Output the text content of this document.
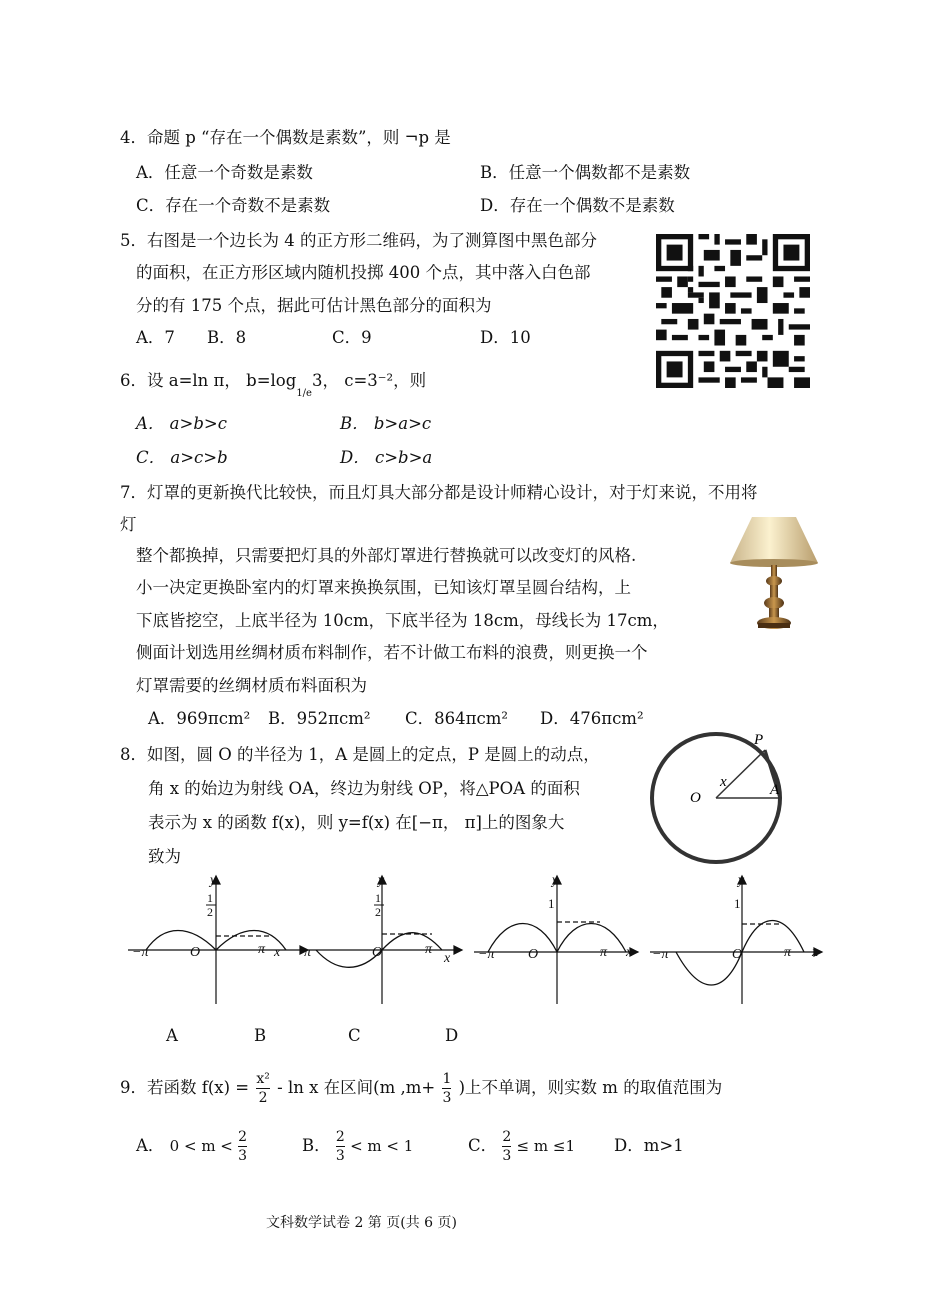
4．命题 p “存在一个偶数是素数”，则 ¬p 是
A．任意一个奇数是素数	B．任意一个偶数都不是素数
C．存在一个奇数不是素数	D．存在一个偶数不是素数
5．右图是一个边长为 4 的正方形二维码，为了测算图中黑色部分
的面积，在正方形区域内随机投掷 400 个点，其中落入白色部
分的有 175 个点，据此可估计黑色部分的面积为
A．7 B．8	C．9	D．10
6．设 a=ln π， $b=\log_{1/e}3$， c=3⁻²，则
A． a>b>c	B． b>a>c
C． a>c>b	D． c>b>a
7．灯罩的更新换代比较快，而且灯具大部分都是设计师精心设计，对于灯来说，不用将
灯
整个都换掉，只需要把灯具的外部灯罩进行替换就可以改变灯的风格.
小一决定更换卧室内的灯罩来换换氛围，已知该灯罩呈圆台结构，上
下底皆挖空，上底半径为 10cm，下底半径为 18cm，母线长为 17cm，
侧面计划选用丝绸材质布料制作，若不计做工布料的浪费，则更换一个
灯罩需要的丝绸材质布料面积为
A．969πcm² B．952πcm² C．864πcm² D．476πcm²
8．如图，圆 O 的半径为 1，A 是圆上的定点，P 是圆上的动点，
角 x 的始边为射线 OA，终边为射线 OP，将△POA 的面积
表示为 x 的函数 f(x)，则 y=f(x) 在[−π， π]上的图象大
致为
P
O	A
x
y
1
2
−π	O	π x
y
1
2
π	O	π
x
y
1
−π O	π x
y
1
−π	O	π x
A	B	C	D
9．若函数 $f(x) = \frac{\text{x²}}{2} - \ln x$ 在区间(m $,m+ \frac{1}{3}$ )上不单调，则实数 m 的取值范围为
A． $0 < m < \frac{2}{3}$	B． $\frac{2}{3} < m < 1$	C． $\frac{2}{3} \le m \le 1$ D．m>1
文科数学试卷 2 第 页(共 6 页)
